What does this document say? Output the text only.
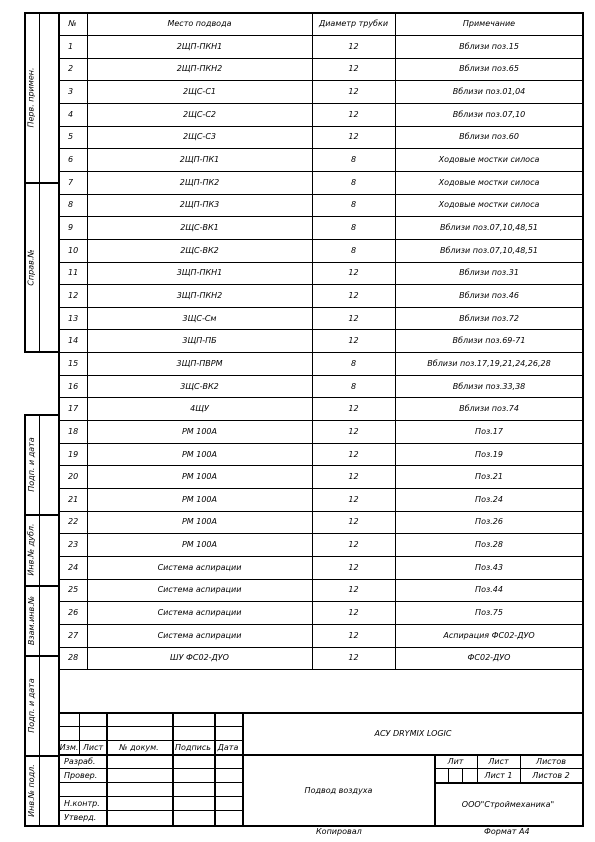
Перв. примен.
Справ.№
Подп. и дата
Инв.№ дубл.
Взам.инв.№
Подп. и дата
Инв.№ подл.
№	Место подвода	Диаметр трубки	Примечание
1	2ЩП-ПКН1	12	Вблизи поз.15
2	2ЩП-ПКН2	12	Вблизи поз.65
3	2ЩС-С1	12	Вблизи поз.01,04
4	2ЩС-С2	12	Вблизи поз.07,10
5	2ЩС-С3	12	Вблизи поз.60
6	2ЩП-ПК1	8	Ходовые мостки силоса
7	2ЩП-ПК2	8	Ходовые мостки силоса
8	2ЩП-ПК3	8	Ходовые мостки силоса
9	2ЩС-ВК1	8	Вблизи поз.07,10,48,51
10	2ЩС-ВК2	8	Вблизи поз.07,10,48,51
11	3ЩП-ПКН1	12	Вблизи поз.31
12	3ЩП-ПКН2	12	Вблизи поз.46
13	3ЩС-См	12	Вблизи поз.72
14	3ЩП-ПБ	12	Вблизи поз.69-71
15	3ЩП-ПВРМ	8	Вблизи поз.17,19,21,24,26,28
16	3ЩС-ВК2	8	Вблизи поз.33,38
17	4ЩУ	12	Вблизи поз.74
18	РМ 100А	12	Поз.17
19	РМ 100А	12	Поз.19
20	РМ 100А	12	Поз.21
21	РМ 100А	12	Поз.24
22	РМ 100А	12	Поз.26
23	РМ 100А	12	Поз.28
24	Система аспирации	12	Поз.43
25	Система аспирации	12	Поз.44
26	Система аспирации	12	Поз.75
27	Система аспирации	12	Аспирация ФС02-ДУО
28	ШУ ФС02-ДУО	12	ФС02-ДУО
Изм. Лист	№ докум.	Подпись Дата
Разраб.
Провер.
Н.контр.
Утверд.
АСУ DRYMIX LOGIC
Подвод воздуха
Лит	Лист	Листов
Лист 1	Листов 2
ООО"Строймеханика"
Копировал	Формат А4
